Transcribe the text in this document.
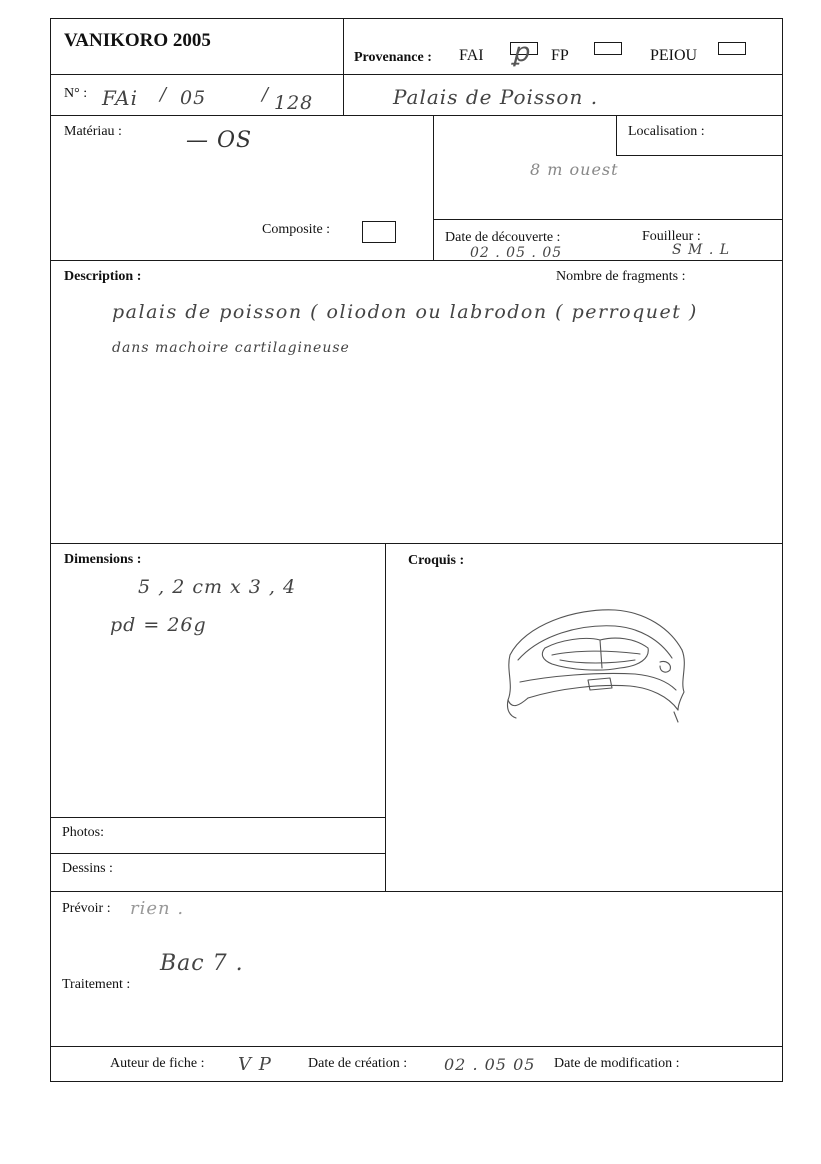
VANIKORO 2005
Provenance : FAI ꝑ FP	PEIOU
N° : FAi / 05	/ 128	Palais de Poisson .
Matériau :	— OS
Composite :
Localisation :
8 m ouest
Date de découverte :
02 . 05 . 05
Fouilleur :
S M . L
Description :	Nombre de fragments :
palais de poisson ( oliodon ou labrodon ( perroquet )
dans machoire cartilagineuse
Dimensions :
5 , 2 cm x 3 , 4
pd = 26g
Photos:
Dessins :
Croquis :
Prévoir : rien .
Bac 7 .
Traitement :
Auteur de fiche : V P	Date de création : 02 . 05 05 Date de modification :
